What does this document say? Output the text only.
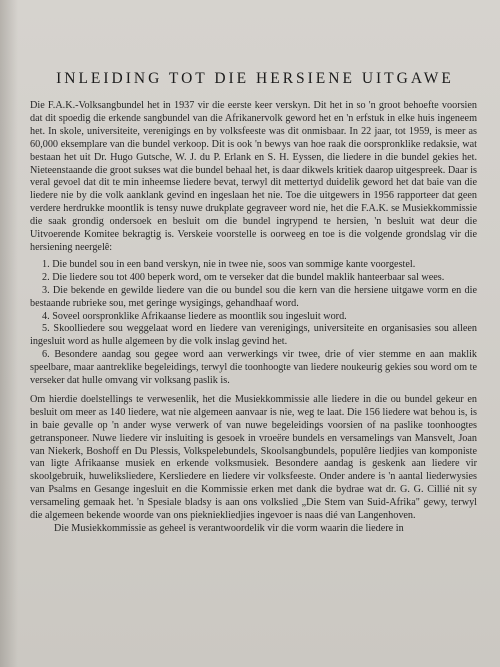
INLEIDING TOT DIE HERSIENE UITGAWE

Die F.A.K.-Volksangbundel het in 1937 vir die eerste keer verskyn. Dit het in so 'n groot behoefte voorsien dat dit spoedig die erkende sangbundel van die Afrikanervolk geword het en 'n erfstuk in elke huis ingeneem het. In skole, universiteite, verenigings en by volksfeeste was dit onmisbaar. In 22 jaar, tot 1959, is meer as 60,000 eksemplare van die bundel verkoop. Dit is ook 'n bewys van hoe raak die oorspronklike redaksie, wat bestaan het uit Dr. Hugo Gutsche, W. J. du P. Erlank en S. H. Eyssen, die liedere in die bundel gekies het. Nieteenstaande die groot sukses wat die bundel behaal het, is daar dikwels kritiek daarop uitgespreek. Daar is veral gevoel dat dit te min inheemse liedere bevat, terwyl dit mettertyd duidelik geword het dat baie van die liedere nie by die volk aanklank gevind en ingeslaan het nie. Toe die uitgewers in 1956 rapporteer dat geen verdere herdrukke moontlik is tensy nuwe drukplate gegraveer word nie, het die F.A.K. se Musiekkommissie die saak grondig ondersoek en besluit om die bundel ingrypend te hersien, 'n besluit wat deur die Uitvoerende Komitee bekragtig is. Verskeie voorstelle is oorweeg en toe is die volgende grondslag vir die hersiening neergelê:

1. Die bundel sou in een band verskyn, nie in twee nie, soos van sommige kante voorgestel.

2. Die liedere sou tot 400 beperk word, om te verseker dat die bundel maklik hanteerbaar sal wees.

3. Die bekende en gewilde liedere van die ou bundel sou die kern van die hersiene uitgawe vorm en die bestaande rubrieke sou, met geringe wysigings, gehandhaaf word.

4. Soveel oorspronklike Afrikaanse liedere as moontlik sou ingesluit word.

5. Skoolliedere sou weggelaat word en liedere van verenigings, universiteite en organisasies sou alleen ingesluit word as hulle algemeen by die volk inslag gevind het.

6. Besondere aandag sou gegee word aan verwerkings vir twee, drie of vier stemme en aan maklik speelbare, maar aantreklike begeleidings, terwyl die toonhoogte van liedere noukeurig gekies sou word om te verseker dat hulle omvang vir volksang paslik is.

Om hierdie doelstellings te verwesenlik, het die Musiekkommissie alle liedere in die ou bundel gekeur en besluit om meer as 140 liedere, wat nie algemeen aanvaar is nie, weg te laat. Die 156 liedere wat behou is, is in baie gevalle op 'n ander wyse verwerk of van nuwe begeleidings voorsien of na paslike toonhoogtes getransponeer. Nuwe liedere vir insluiting is gesoek in vroeëre bundels en versamelings van Mansvelt, Joan van Niekerk, Boshoff en Du Plessis, Volkspelebundels, Skoolsangbundels, populêre liedjies van komponiste van ligte Afrikaanse musiek en erkende volksmusiek. Besondere aandag is geskenk aan liedere vir skoolgebruik, huweliksliedere, Kersliedere en liedere vir volksfeeste. Onder andere is 'n aantal liederwysies van Psalms en Gesange ingesluit en die Kommissie erken met dank die bydrae wat dr. G. G. Cillié nit sy versameling gemaak het. 'n Spesiale bladsy is aan ons volkslied „Die Stem van Suid-Afrika" gewy, terwyl die algemeen bekende woorde van ons piekniekliedjies ingevoer is naas dié van Langenhoven.

Die Musiekkommissie as geheel is verantwoordelik vir die vorm waarin die liedere in
